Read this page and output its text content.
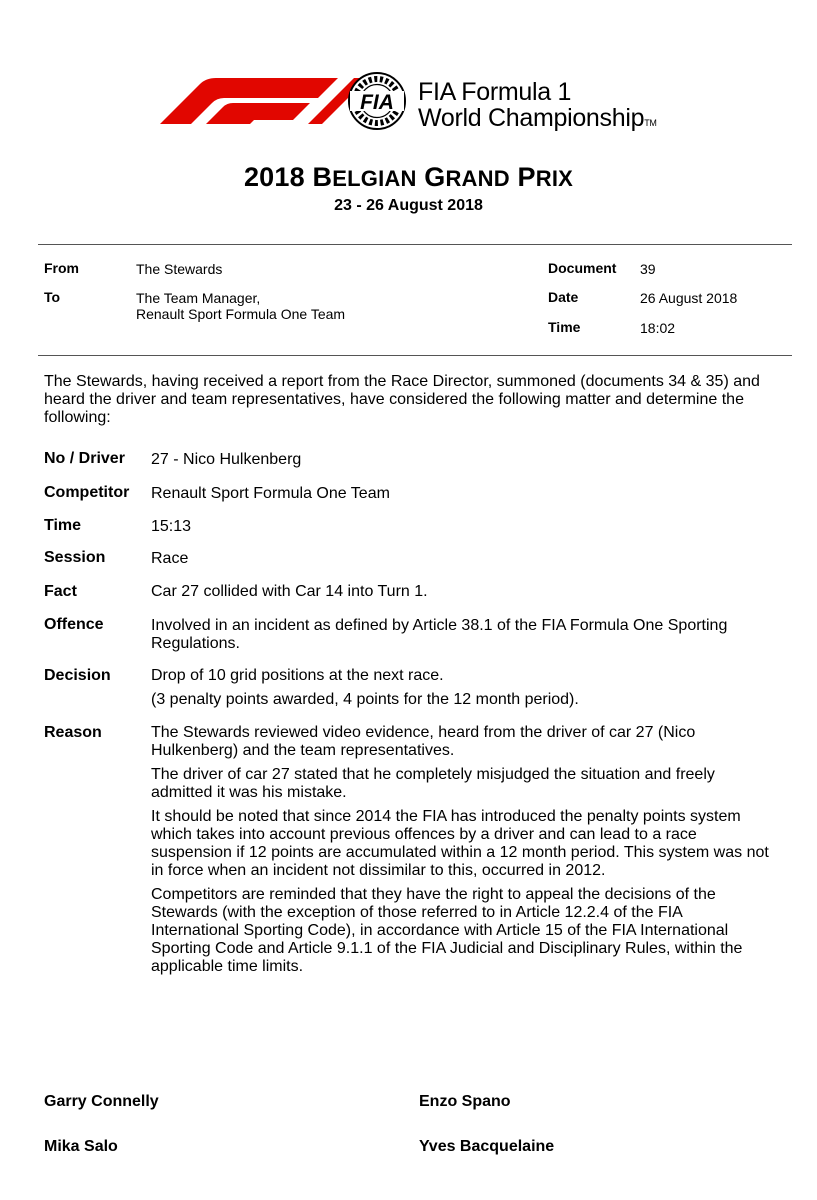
FIA FIA Formula 1
World ChampionshipTM
2018 BELGIAN GRAND PRIX
23 - 26 August 2018
From	The Stewards
To	The Team Manager,
Renault Sport Formula One Team
Document 39
Date	26 August 2018
Time	18:02
The Stewards, having received a report from the Race Director, summoned (documents 34 & 35) and heard the driver and team representatives, have considered the following matter and determine the following:
No / Driver 27 - Nico Hulkenberg
Competitor Renault Sport Formula One Team
Time	15:13
Session	Race
Fact	Car 27 collided with Car 14 into Turn 1.
Offence	Involved in an incident as defined by Article 38.1 of the FIA Formula One Sporting Regulations.
Decision	Drop of 10 grid positions at the next race.

(3 penalty points awarded, 4 points for the 12 month period).

Reason	The Stewards reviewed video evidence, heard from the driver of car 27 (Nico Hulkenberg) and the team representatives.

The driver of car 27 stated that he completely misjudged the situation and freely admitted it was his mistake.

It should be noted that since 2014 the FIA has introduced the penalty points system which takes into account previous offences by a driver and can lead to a race suspension if 12 points are accumulated within a 12 month period. This system was not in force when an incident not dissimilar to this, occurred in 2012.

Competitors are reminded that they have the right to appeal the decisions of the Stewards (with the exception of those referred to in Article 12.2.4 of the FIA International Sporting Code), in accordance with Article 15 of the FIA International Sporting Code and Article 9.1.1 of the FIA Judicial and Disciplinary Rules, within the applicable time limits.

Garry Connelly	Enzo Spano
Mika Salo	Yves Bacquelaine
